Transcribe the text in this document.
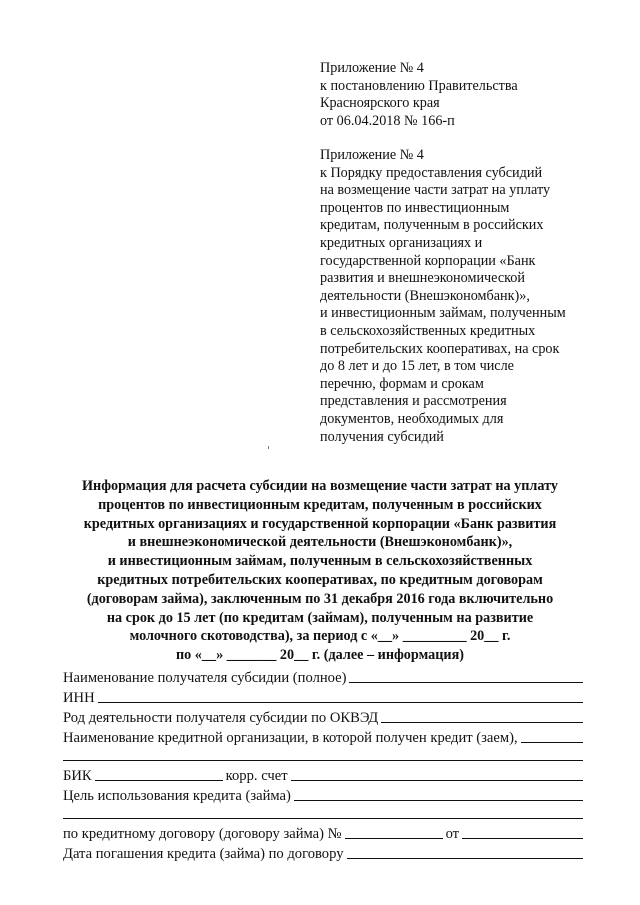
Приложение № 4
к постановлению Правительства
Красноярского края
от 06.04.2018 № 166-п
Приложение № 4
к Порядку предоставления субсидий
на возмещение части затрат на уплату
процентов по инвестиционным
кредитам, полученным в российских
кредитных организациях и
государственной корпорации «Банк
развития и внешнеэкономической
деятельности (Внешэкономбанк)»,
и инвестиционным займам, полученным
в сельскохозяйственных кредитных
потребительских кооперативах, на срок
до 8 лет и до 15 лет, в том числе
перечню, формам и срокам
представления и рассмотрения
документов, необходимых для
получения субсидий
Информация для расчета субсидии на возмещение части затрат на уплату
процентов по инвестиционным кредитам, полученным в российских
кредитных организациях и государственной корпорации «Банк развития
и внешнеэкономической деятельности (Внешэкономбанк)»,
и инвестиционным займам, полученным в сельскохозяйственных
кредитных потребительских кооперативах, по кредитным договорам
(договорам займа), заключенным по 31 декабря 2016 года включительно
на срок до 15 лет (по кредитам (займам), полученным на развитие
молочного скотоводства), за период с «__» _________ 20__ г.
по «__» _______ 20__ г. (далее – информация)
Наименование получателя субсидии (полное)
ИНН
Род деятельности получателя субсидии по ОКВЭД
Наименование кредитной организации, в которой получен кредит (заем),
БИК	корр. счет
Цель использования кредита (займа)
по кредитному договору (договору займа) №	от
Дата погашения кредита (займа) по договору
